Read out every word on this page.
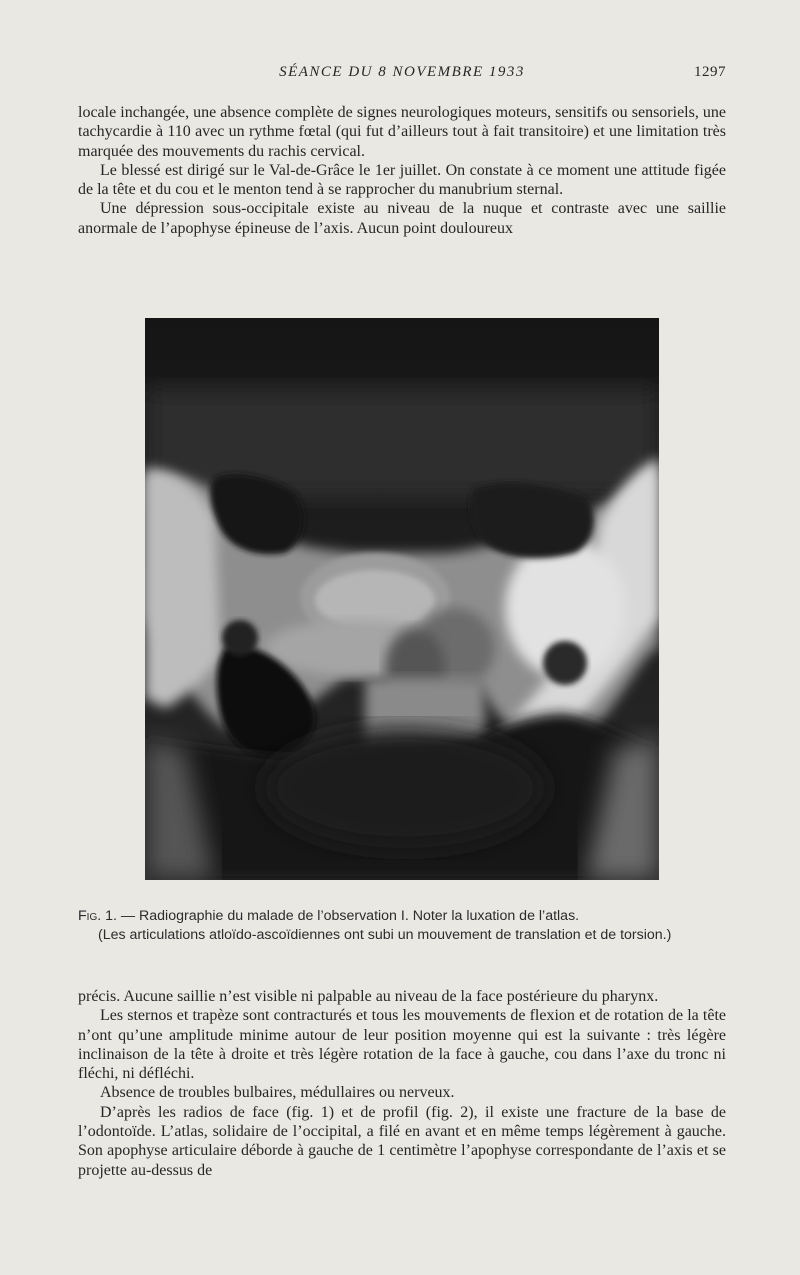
SÉANCE DU 8 NOVEMBRE 1933	1297

locale inchangée, une absence complète de signes neurologiques moteurs, sensitifs ou sensoriels, une tachycardie à 110 avec un rythme fœtal (qui fut d’ailleurs tout à fait transitoire) et une limitation très marquée des mouvements du rachis cervical.

Le blessé est dirigé sur le Val-de-Grâce le 1er juillet. On constate à ce moment une attitude figée de la tête et du cou et le menton tend à se rapprocher du manubrium sternal.

Une dépression sous-occipitale existe au niveau de la nuque et contraste avec une saillie anormale de l’apophyse épineuse de l’axis. Aucun point douloureux

Fig. 1. — Radiographie du malade de l’observation I. Noter la luxation de l’atlas.
(Les articulations atloïdo-ascoïdiennes ont subi un mouvement de translation et de torsion.)

précis. Aucune saillie n’est visible ni palpable au niveau de la face postérieure du pharynx.

Les sternos et trapèze sont contracturés et tous les mouvements de flexion et de rotation de la tête n’ont qu’une amplitude minime autour de leur position moyenne qui est la suivante : très légère inclinaison de la tête à droite et très légère rotation de la face à gauche, cou dans l’axe du tronc ni fléchi, ni défléchi.

Absence de troubles bulbaires, médullaires ou nerveux.

D’après les radios de face (fig. 1) et de profil (fig. 2), il existe une fracture de la base de l’odontoïde. L’atlas, solidaire de l’occipital, a filé en avant et en même temps légèrement à gauche. Son apophyse articulaire déborde à gauche de 1 centimètre l’apophyse correspondante de l’axis et se projette au-dessus de
